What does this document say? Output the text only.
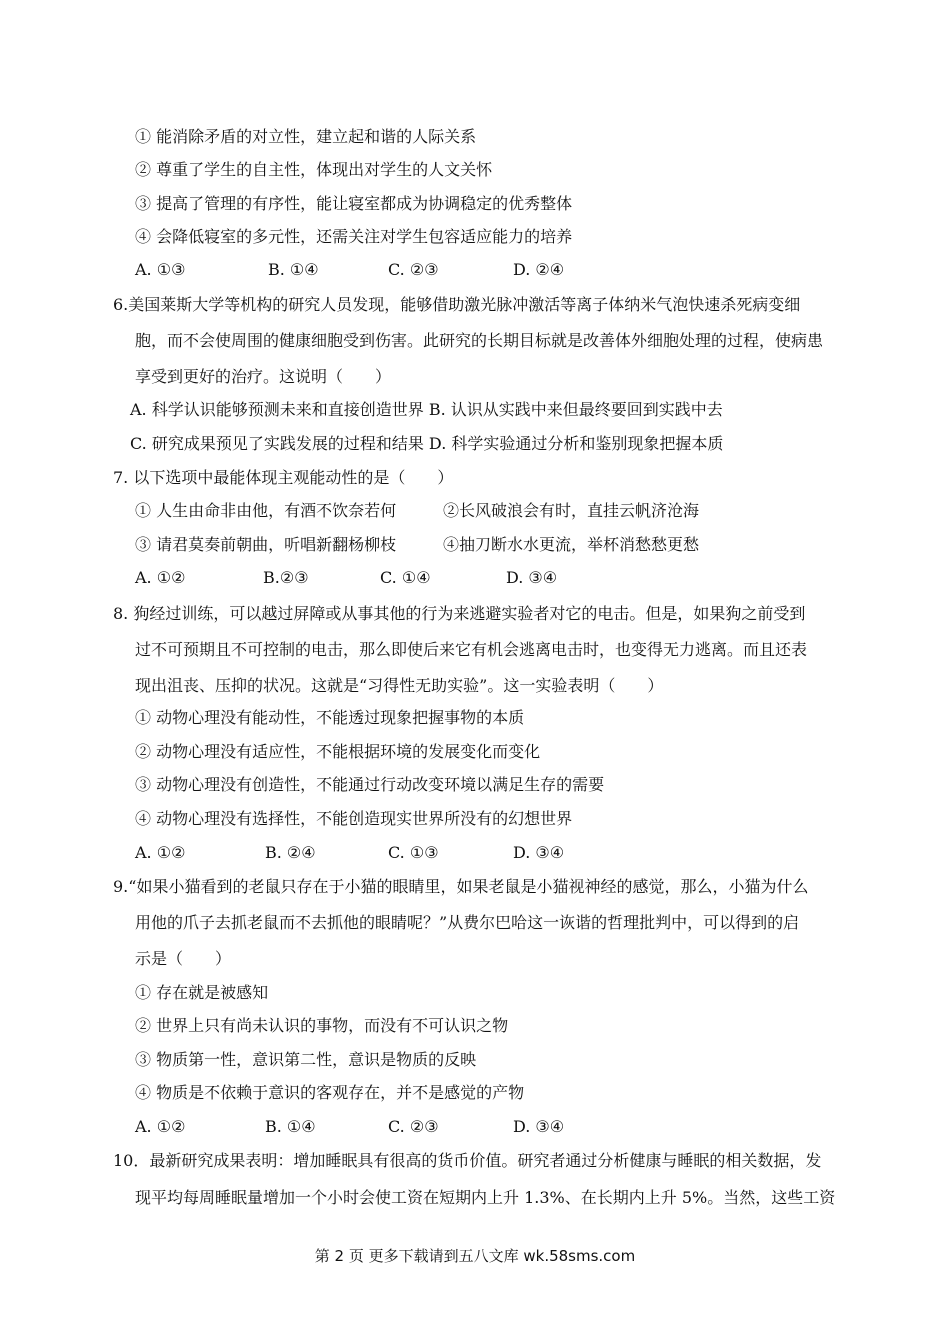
① 能消除矛盾的对立性，建立起和谐的人际关系
② 尊重了学生的自主性，体现出对学生的人文关怀
③ 提高了管理的有序性，能让寝室都成为协调稳定的优秀整体
④ 会降低寝室的多元性，还需关注对学生包容适应能力的培养
A. ①③	B. ①④	C. ②③	D. ②④
6.美国莱斯大学等机构的研究人员发现，能够借助激光脉冲激活等离子体纳米气泡快速杀死病变细
胞，而不会使周围的健康细胞受到伤害。此研究的长期目标就是改善体外细胞处理的过程，使病患
享受到更好的治疗。这说明（　　）
A. 科学认识能够预测未来和直接创造世界 B. 认识从实践中来但最终要回到实践中去
C. 研究成果预见了实践发展的过程和结果 D. 科学实验通过分析和鉴别现象把握本质
7. 以下选项中最能体现主观能动性的是（　　）
① 人生由命非由他，有酒不饮奈若何	②长风破浪会有时，直挂云帆济沧海
③ 请君莫奏前朝曲，听唱新翻杨柳枝	④抽刀断水水更流，举杯消愁愁更愁
A. ①②	B.②③	C. ①④	D. ③④
8. 狗经过训练，可以越过屏障或从事其他的行为来逃避实验者对它的电击。但是，如果狗之前受到
过不可预期且不可控制的电击，那么即使后来它有机会逃离电击时，也变得无力逃离。而且还表
现出沮丧、压抑的状况。这就是“习得性无助实验”。这一实验表明（　　）
① 动物心理没有能动性，不能透过现象把握事物的本质
② 动物心理没有适应性，不能根据环境的发展变化而变化
③ 动物心理没有创造性，不能通过行动改变环境以满足生存的需要
④ 动物心理没有选择性，不能创造现实世界所没有的幻想世界
A. ①②	B. ②④	C. ①③	D. ③④
9.“如果小猫看到的老鼠只存在于小猫的眼睛里，如果老鼠是小猫视神经的感觉，那么，小猫为什么
用他的爪子去抓老鼠而不去抓他的眼睛呢？”从费尔巴哈这一诙谐的哲理批判中，可以得到的启
示是（　　）
① 存在就是被感知
② 世界上只有尚未认识的事物，而没有不可认识之物
③ 物质第一性，意识第二性，意识是物质的反映
④ 物质是不依赖于意识的客观存在，并不是感觉的产物
A. ①②	B. ①④	C. ②③	D. ③④
10．最新研究成果表明：增加睡眠具有很高的货币价值。研究者通过分析健康与睡眠的相关数据，发
现平均每周睡眠量增加一个小时会使工资在短期内上升 1.3%、在长期内上升 5%。当然，这些工资
第 2 页 更多下载请到五八文库 wk.58sms.com
